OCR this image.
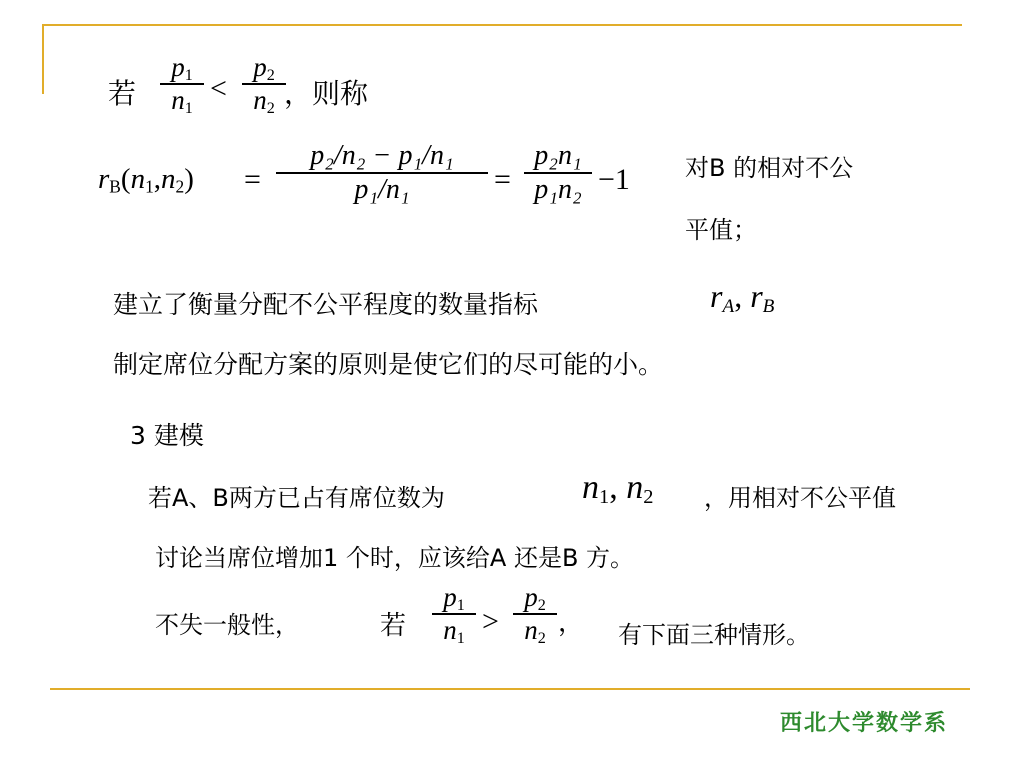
若
$p_1$
$n_1$
<
$p_2$
$n_2$ ，则称
$r_B(n_1,n_2)$ =
p₂/n₂ − p₁/n₁
p₁/n₁	=
p₂n₁
p₁n₂ −1 对B 的相对不公
平值；
建立了衡量分配不公平程度的数量指标	$r_A$, $r_B$
制定席位分配方案的原则是使它们的尽可能的小。
3 建模
若A、B两方已占有席位数为	$n_1$, $n_2$ ，用相对不公平值
讨论当席位增加1 个时，应该给A 还是B 方。
不失一般性，	若
$p_1$
$n_1$
>
$p_2$
$n_2$
， 有下面三种情形。
西北大学数学系
